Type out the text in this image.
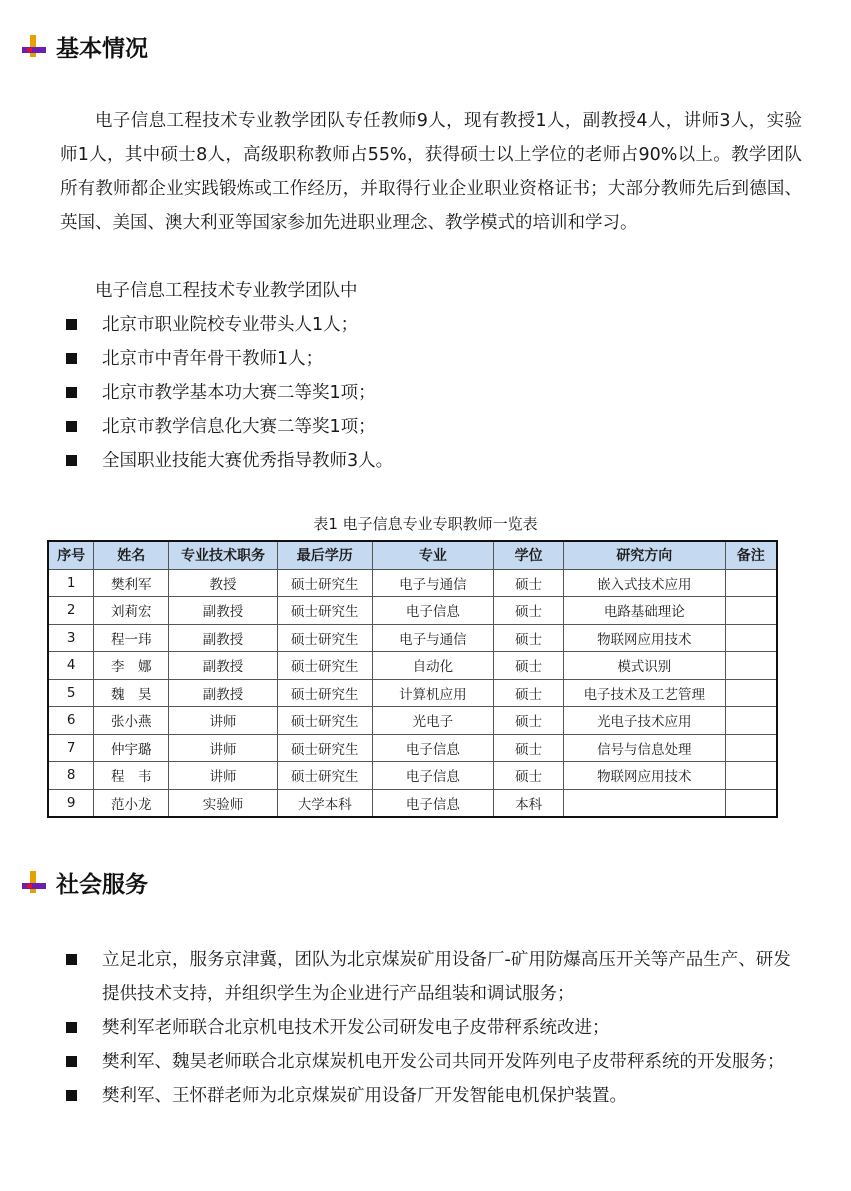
基本情况

电子信息工程技术专业教学团队专任教师9人，现有教授1人，副教授4人，讲师3人，实验师1人，其中硕士8人，高级职称教师占55%，获得硕士以上学位的老师占90%以上。教学团队所有教师都企业实践锻炼或工作经历，并取得行业企业职业资格证书；大部分教师先后到德国、英国、美国、澳大利亚等国家参加先进职业理念、教学模式的培训和学习。

电子信息工程技术专业教学团队中

北京市职业院校专业带头人1人；
北京市中青年骨干教师1人；
北京市教学基本功大赛二等奖1项；
北京市教学信息化大赛二等奖1项；
全国职业技能大赛优秀指导教师3人。
表1 电子信息专业专职教师一览表
序号	姓名	专业技术职务	最后学历	专业	学位	研究方向	备注
1	樊利军	教授	硕士研究生	电子与通信	硕士	嵌入式技术应用	
2	刘莉宏	副教授	硕士研究生	电子信息	硕士	电路基础理论	
3	程一玮	副教授	硕士研究生	电子与通信	硕士	物联网应用技术	
4	李　娜	副教授	硕士研究生	自动化	硕士	模式识别	
5	魏　昊	副教授	硕士研究生	计算机应用	硕士	电子技术及工艺管理	
6	张小燕	讲师	硕士研究生	光电子	硕士	光电子技术应用	
7	仲宇璐	讲师	硕士研究生	电子信息	硕士	信号与信息处理	
8	程　韦	讲师	硕士研究生	电子信息	硕士	物联网应用技术	
9	范小龙	实验师	大学本科	电子信息	本科		
社会服务
立足北京，服务京津冀，团队为北京煤炭矿用设备厂-矿用防爆高压开关等产品生产、研发提供技术支持，并组织学生为企业进行产品组装和调试服务；
樊利军老师联合北京机电技术开发公司研发电子皮带秤系统改进；
樊利军、魏昊老师联合北京煤炭机电开发公司共同开发阵列电子皮带秤系统的开发服务；
樊利军、王怀群老师为北京煤炭矿用设备厂开发智能电机保护装置。
